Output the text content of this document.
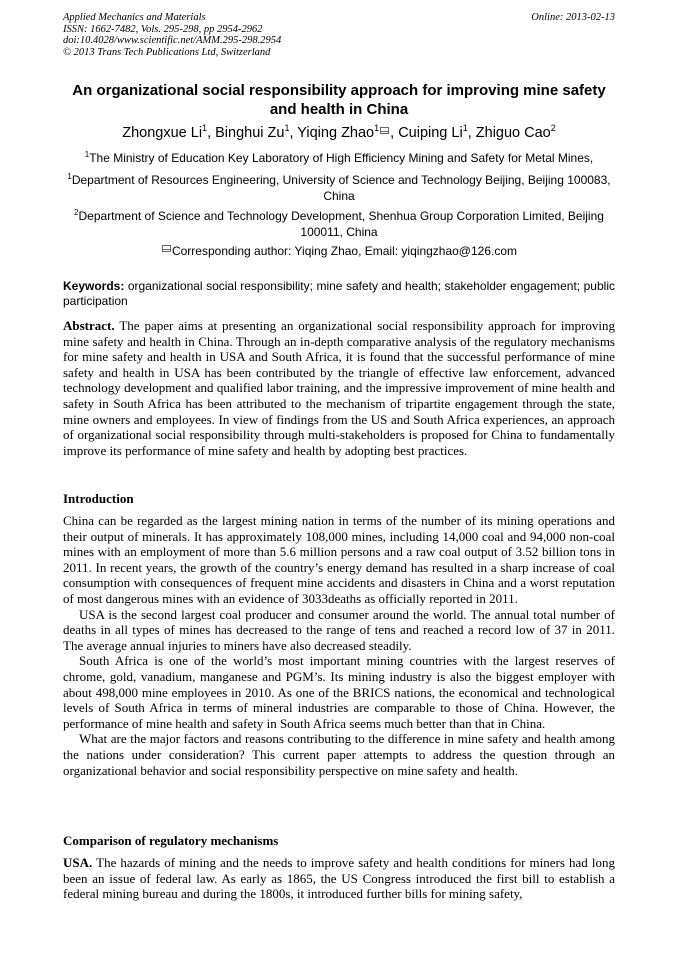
Applied Mechanics and Materials
ISSN: 1662-7482, Vols. 295-298, pp 2954-2962
doi:10.4028/www.scientific.net/AMM.295-298.2954
© 2013 Trans Tech Publications Ltd, Switzerland
Online: 2013-02-13
An organizational social responsibility approach for improving mine safety and health in China
Zhongxue Li$^1$, Binghui Zu$^1$, Yiqing Zhao$^1$ , Cuiping Li$^1$, Zhiguo Cao$^2$
$^1$The Ministry of Education Key Laboratory of High Efficiency Mining and Safety for Metal Mines,
$^1$Department of Resources Engineering, University of Science and Technology Beijing, Beijing 100083, China
$^2$Department of Science and Technology Development, Shenhua Group Corporation Limited, Beijing 100011, China
Corresponding author: Yiqing Zhao, Email: yiqingzhao@126.com
Keywords: organizational social responsibility; mine safety and health; stakeholder engagement; public participation

Abstract. The paper aims at presenting an organizational social responsibility approach for improving mine safety and health in China. Through an in-depth comparative analysis of the regulatory mechanisms for mine safety and health in USA and South Africa, it is found that the successful performance of mine safety and health in USA has been contributed by the triangle of effective law enforcement, advanced technology development and qualified labor training, and the impressive improvement of mine health and safety in South Africa has been attributed to the mechanism of tripartite engagement through the state, mine owners and employees. In view of findings from the US and South Africa experiences, an approach of organizational social responsibility through multi-stakeholders is proposed for China to fundamentally improve its performance of mine safety and health by adopting best practices.

Introduction

China can be regarded as the largest mining nation in terms of the number of its mining operations and their output of minerals. It has approximately 108,000 mines, including 14,000 coal and 94,000 non-coal mines with an employment of more than 5.6 million persons and a raw coal output of 3.52 billion tons in 2011. In recent years, the growth of the country’s energy demand has resulted in a sharp increase of coal consumption with consequences of frequent mine accidents and disasters in China and a worst reputation of most dangerous mines with an evidence of 3033deaths as officially reported in 2011.

USA is the second largest coal producer and consumer around the world. The annual total number of deaths in all types of mines has decreased to the range of tens and reached a record low of 37 in 2011. The average annual injuries to miners have also decreased steadily.

South Africa is one of the world’s most important mining countries with the largest reserves of chrome, gold, vanadium, manganese and PGM’s. Its mining industry is also the biggest employer with about 498,000 mine employees in 2010. As one of the BRICS nations, the economical and technological levels of South Africa in terms of mineral industries are comparable to those of China. However, the performance of mine health and safety in South Africa seems much better than that in China.

What are the major factors and reasons contributing to the difference in mine safety and health among the nations under consideration? This current paper attempts to address the question through an organizational behavior and social responsibility perspective on mine safety and health.

Comparison of regulatory mechanisms

USA. The hazards of mining and the needs to improve safety and health conditions for miners had long been an issue of federal law. As early as 1865, the US Congress introduced the first bill to establish a federal mining bureau and during the 1800s, it introduced further bills for mining safety,
